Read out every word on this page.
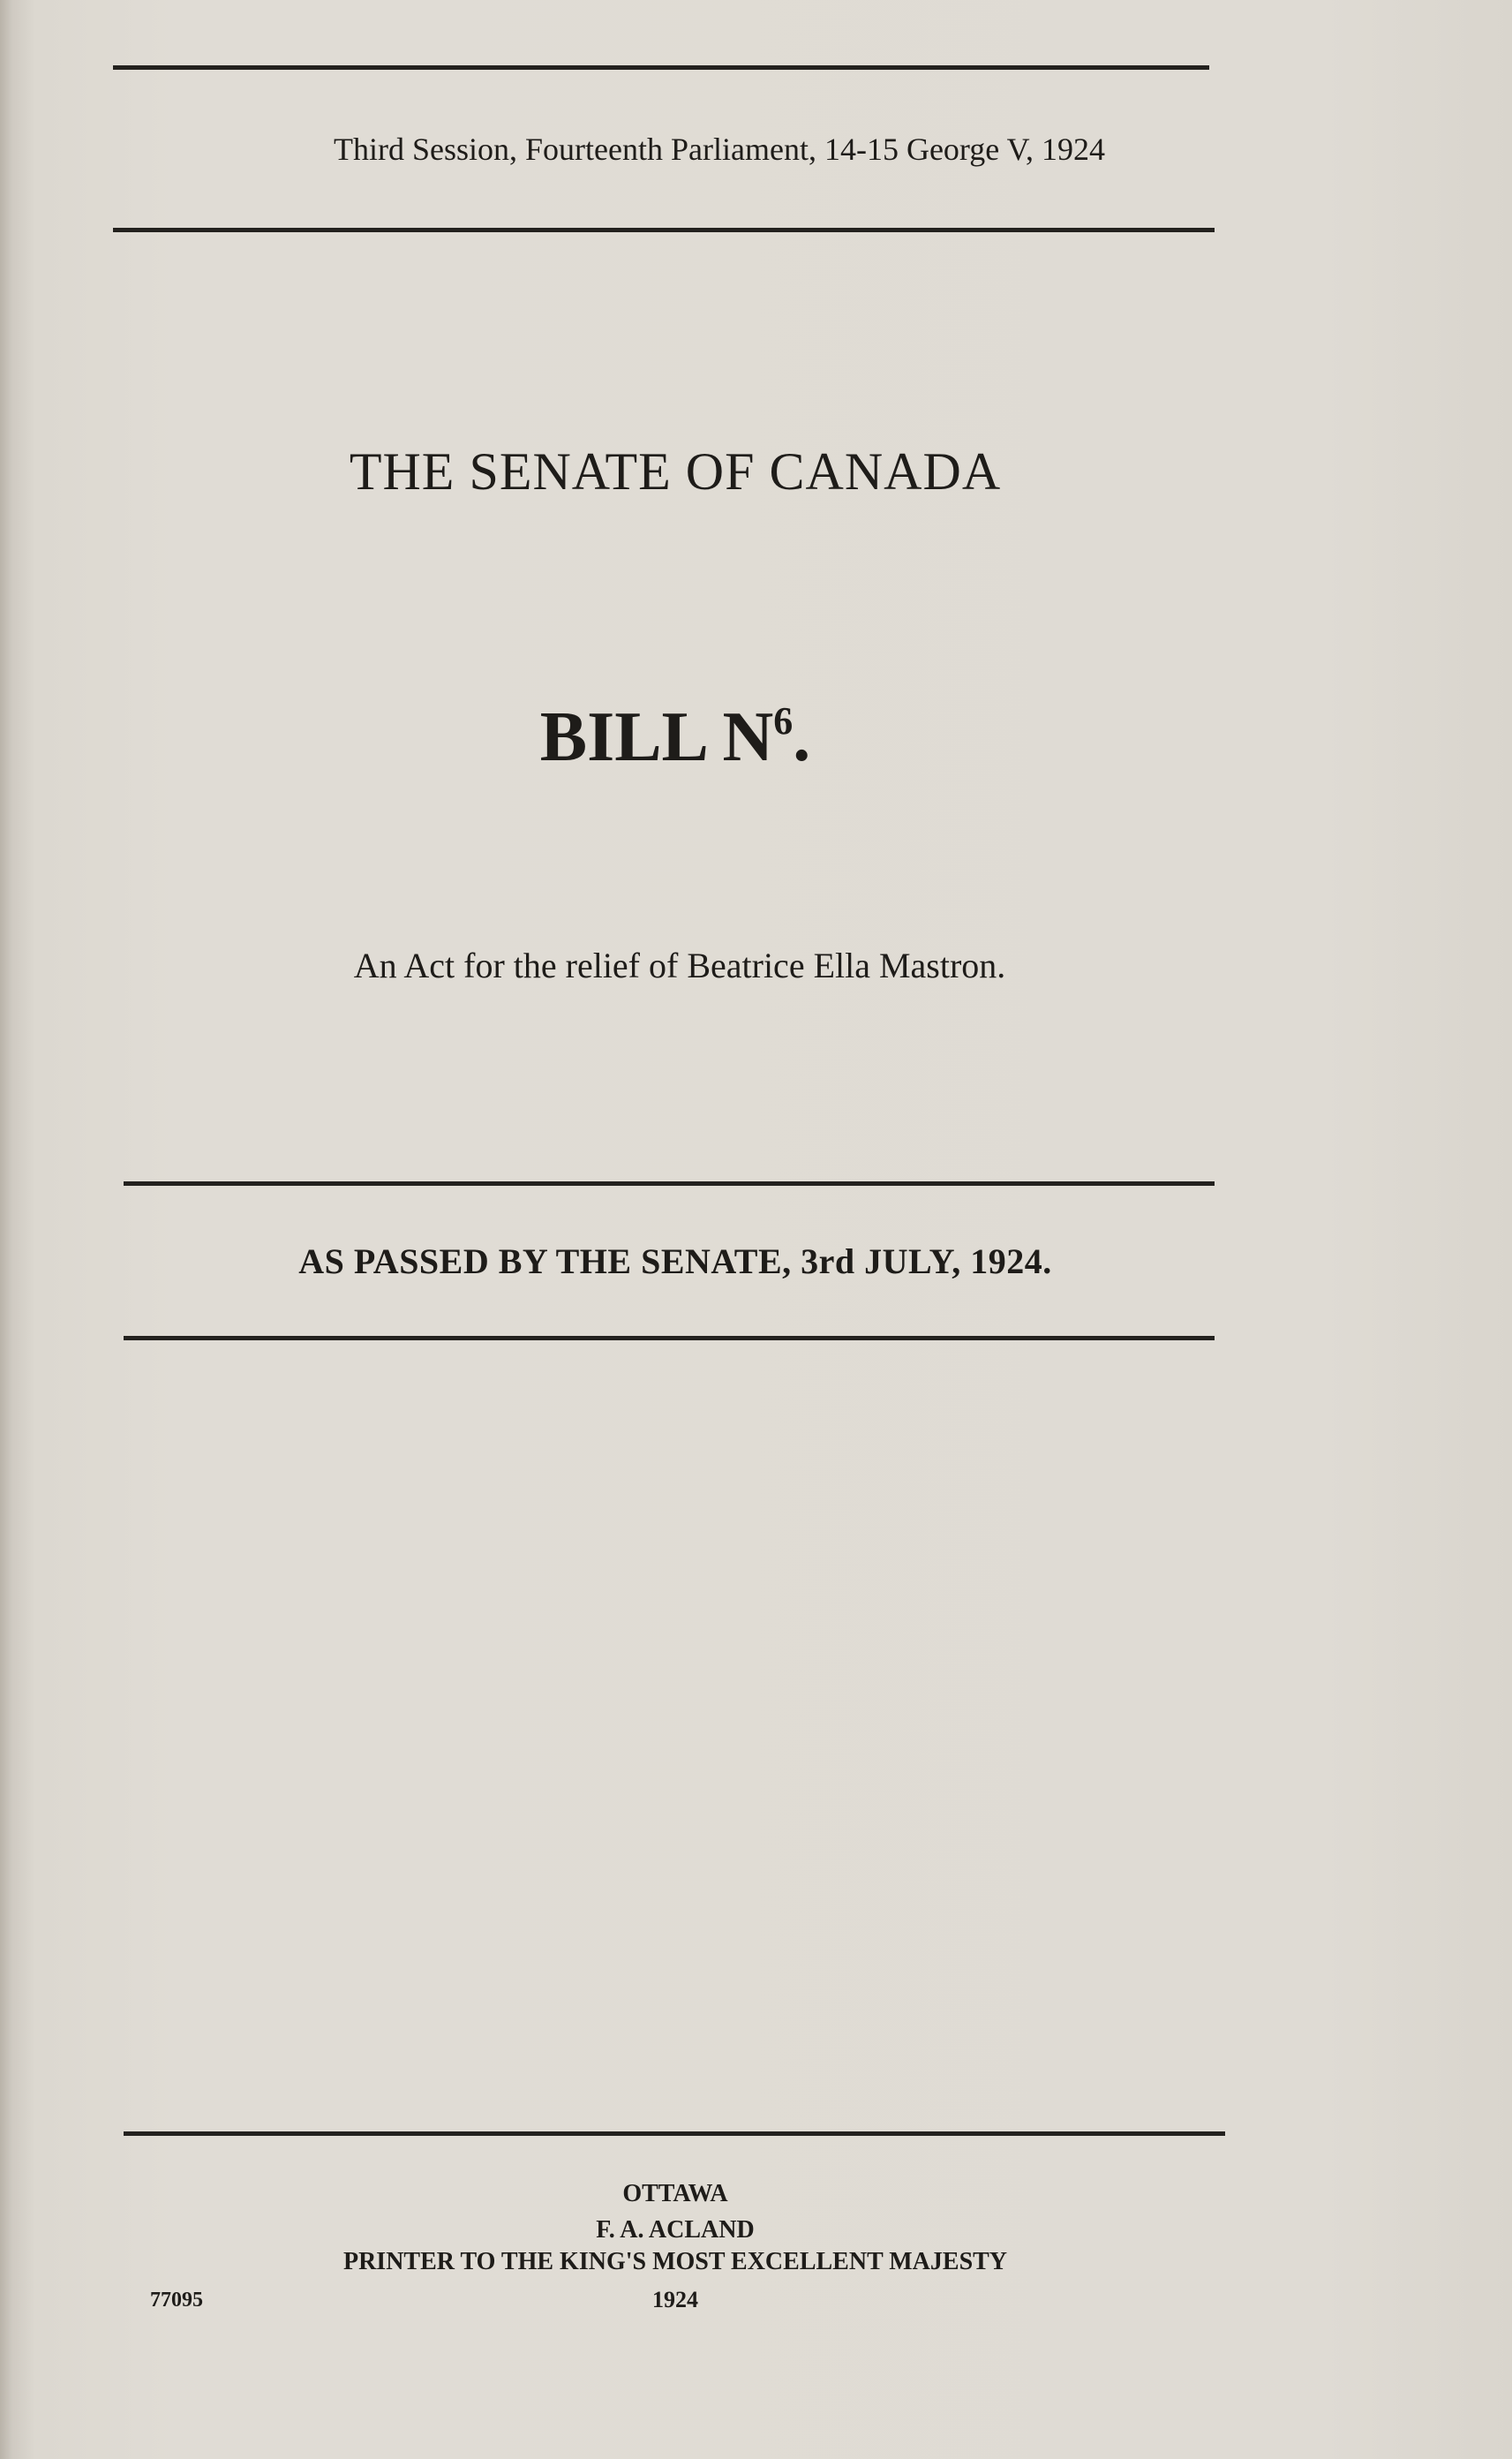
Third Session, Fourteenth Parliament, 14-15 George V, 1924
THE SENATE OF CANADA
BILL $N^6$.
An Act for the relief of Beatrice Ella Mastron.
AS PASSED BY THE SENATE, 3rd JULY, 1924.
OTTAWA
F. A. ACLAND
PRINTER TO THE KING'S MOST EXCELLENT MAJESTY
1924
77095
